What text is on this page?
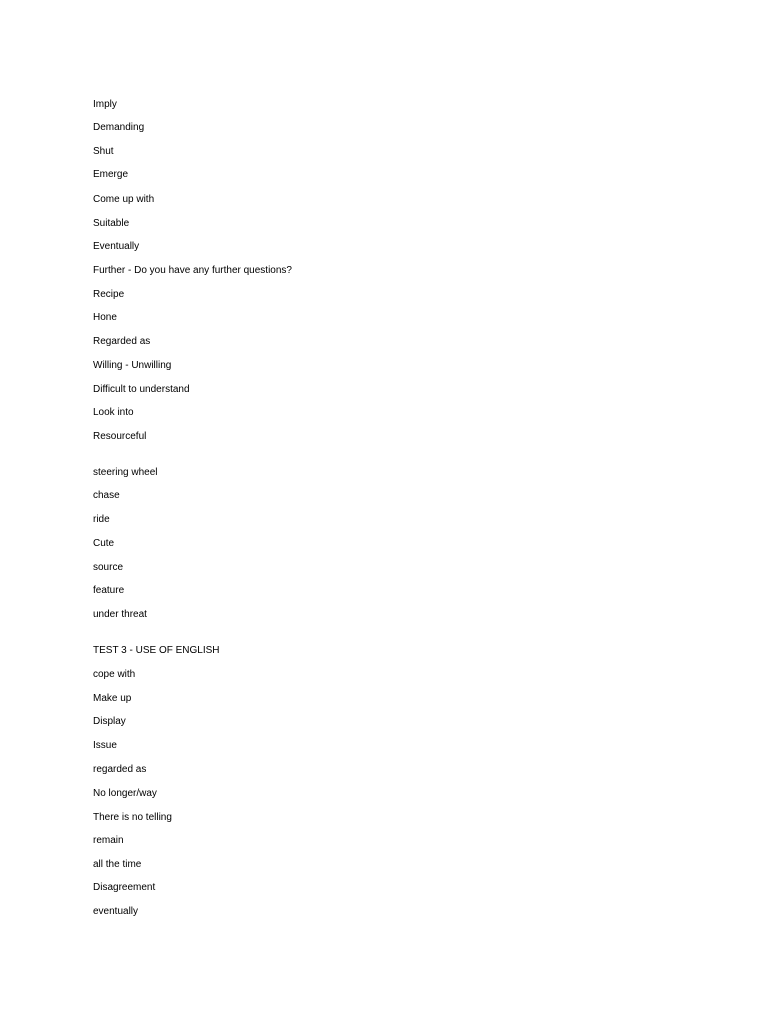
Imply

Demanding

Shut

Emerge

Come up with

Suitable

Eventually

Further - Do you have any further questions?

Recipe

Hone

Regarded as

Willing - Unwilling

Difficult to understand

Look into

Resourceful

steering wheel

chase

ride

Cute

source

feature

under threat

TEST 3 - USE OF ENGLISH

cope with

Make up

Display

Issue

regarded as

No longer/way

There is no telling

remain

all the time

Disagreement

eventually
